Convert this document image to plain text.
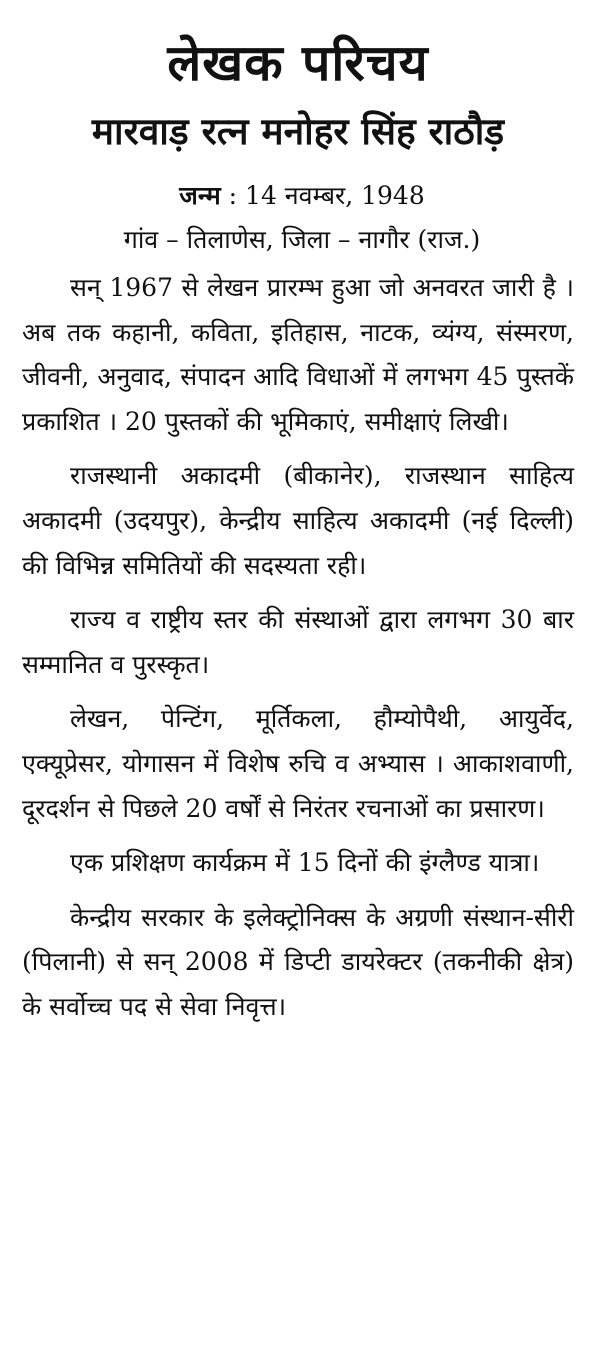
लेखक परिचय
मारवाड़ रत्न मनोहर सिंह राठौड़

जन्म : 14 नवम्बर, 1948

गांव – तिलाणेस, जिला – नागौर (राज.)

सन् 1967 से लेखन प्रारम्भ हुआ जो अनवरत जारी है । अब तक कहानी, कविता, इतिहास, नाटक, व्यंग्य, संस्मरण, जीवनी, अनुवाद, संपादन आदि विधाओं में लगभग 45 पुस्तकें प्रकाशित । 20 पुस्तकों की भूमिकाएं, समीक्षाएं लिखी।

राजस्थानी अकादमी (बीकानेर), राजस्थान साहित्य अकादमी (उदयपुर), केन्द्रीय साहित्य अकादमी (नई दिल्ली) की विभिन्न समितियों की सदस्यता रही।

राज्य व राष्ट्रीय स्तर की संस्थाओं द्वारा लगभग 30 बार सम्मानित व पुरस्कृत।

लेखन, पेन्टिंग, मूर्तिकला, हौम्योपैथी, आयुर्वेद, एक्यूप्रेसर, योगासन में विशेष रुचि व अभ्यास । आकाशवाणी, दूरदर्शन से पिछले 20 वर्षों से निरंतर रचनाओं का प्रसारण।

एक प्रशिक्षण कार्यक्रम में 15 दिनों की इंग्लैण्ड यात्रा।

केन्द्रीय सरकार के इलेक्ट्रोनिक्स के अग्रणी संस्थान-सीरी (पिलानी) से सन् 2008 में डिप्टी डायरेक्टर (तकनीकी क्षेत्र) के सर्वोच्च पद से सेवा निवृत्त।
